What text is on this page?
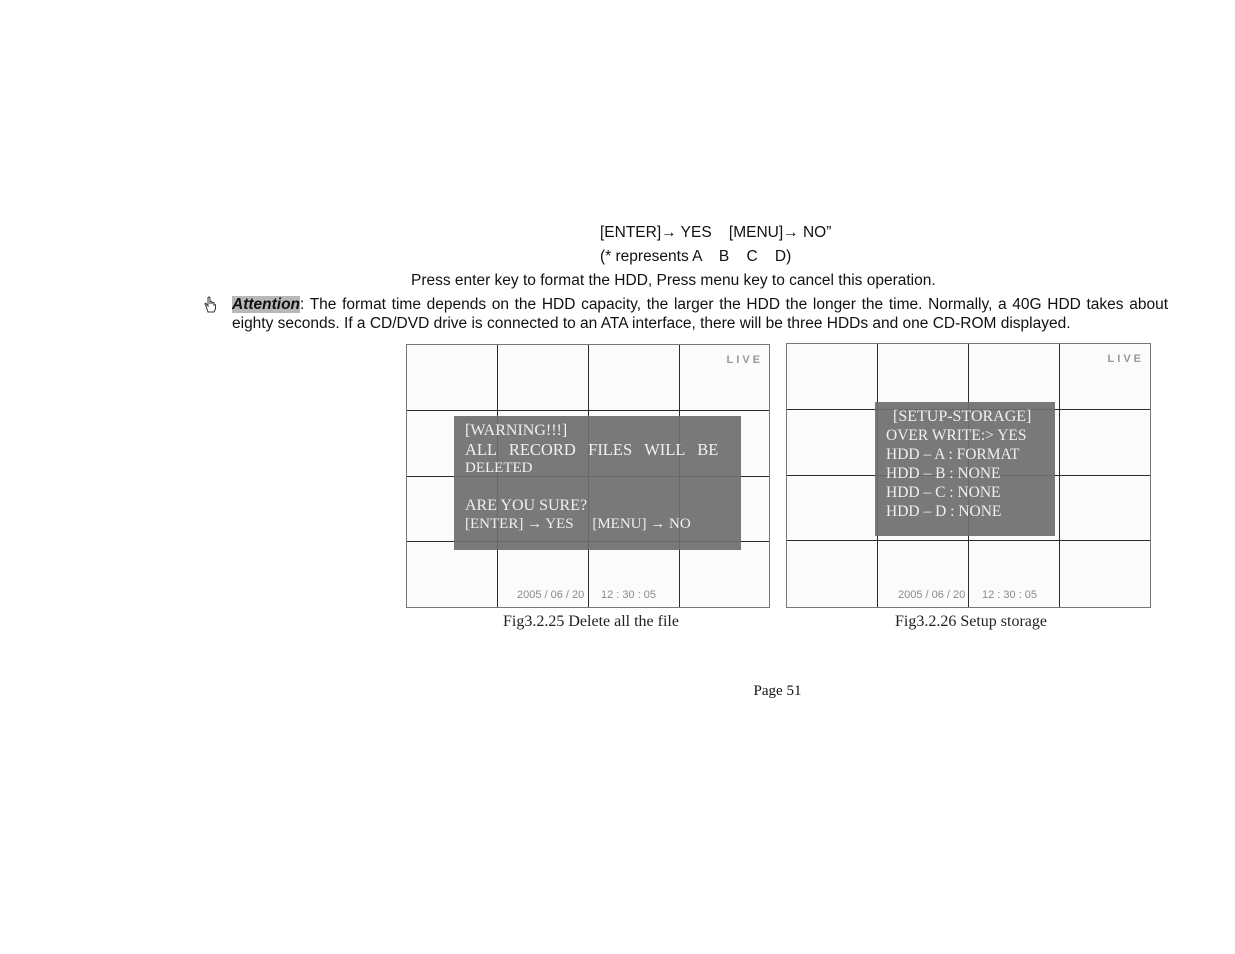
[ENTER]→ YES    [MENU]→ NO”
(* represents A    B    C    D)
Press enter key to format the HDD, Press menu key to cancel this operation.
Attention: The format time depends on the HDD capacity, the larger the HDD the longer the time. Normally, a 40G HDD takes about eighty seconds. If a CD/DVD drive is connected to an ATA interface, there will be three HDDs and one CD-ROM displayed.
LIVE
[WARNING!!!]
ALL   RECORD   FILES   WILL   BE
DELETED
ARE YOU SURE?
[ENTER] → YES     [MENU] → NO
2005 / 06 / 20 12 : 30 : 05
Fig3.2.25 Delete all the file
LIVE
[SETUP-STORAGE]
OVER WRITE:> YES
HDD – A : FORMAT
HDD – B : NONE
HDD – C : NONE
HDD – D : NONE
2005 / 06 / 20 12 : 30 : 05
Fig3.2.26 Setup storage
Page 51
